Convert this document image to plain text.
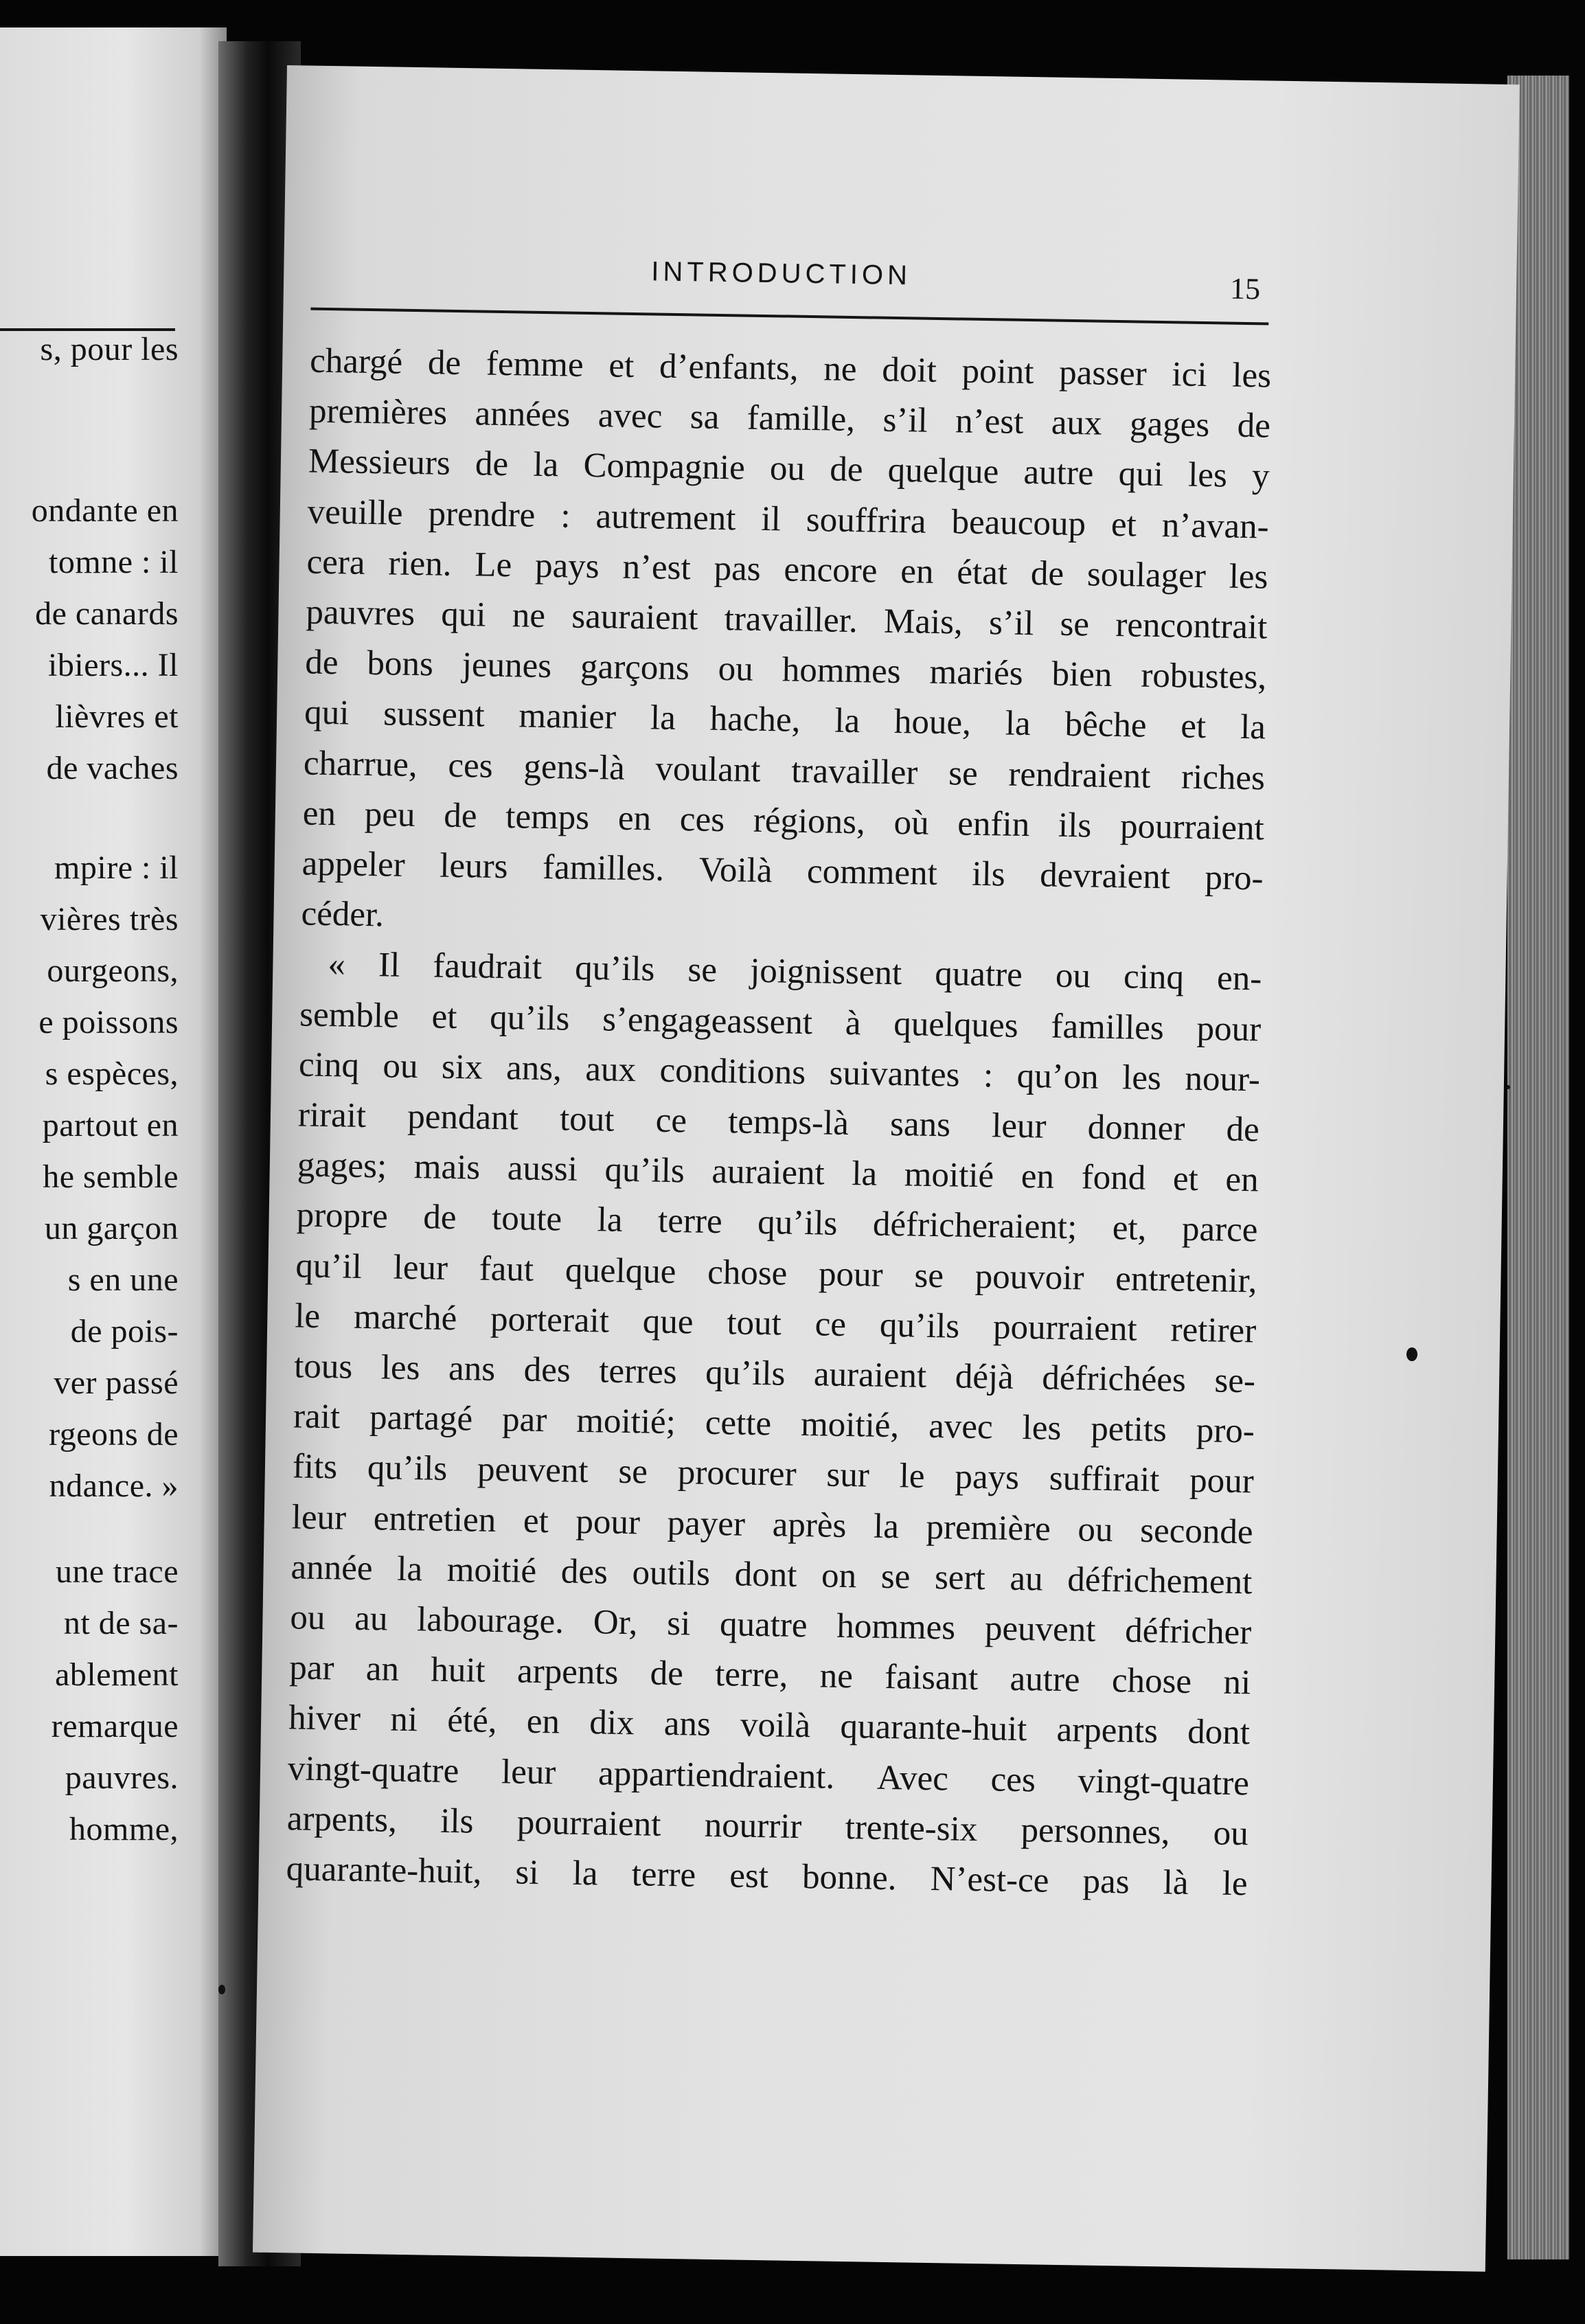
s, pour les
ondante en
tomne : il
de canards
ibiers... Il
lièvres et
de vaches
mpire : il
vières très
ourgeons,
e poissons
s espèces,
partout en
he semble
un garçon
s en une
de pois-
ver passé
rgeons de
ndance. »
une trace
nt de sa-
ablement
remarque
pauvres.
homme,
INTRODUCTION	15
chargé de femme et d’enfants, ne doit point passer ici les
premières années avec sa famille, s’il n’est aux gages de
Messieurs de la Compagnie ou de quelque autre qui les y
veuille prendre : autrement il souffrira beaucoup et n’avan-
cera rien. Le pays n’est pas encore en état de soulager les
pauvres qui ne sauraient travailler. Mais, s’il se rencontrait
de bons jeunes garçons ou hommes mariés bien robustes,
qui sussent manier la hache, la houe, la bêche et la
charrue, ces gens-là voulant travailler se rendraient riches
en peu de temps en ces régions, où enfin ils pourraient
appeler leurs familles. Voilà comment ils devraient pro-
céder.
« Il faudrait qu’ils se joignissent quatre ou cinq en-
semble et qu’ils s’engageassent à quelques familles pour
cinq ou six ans, aux conditions suivantes : qu’on les nour-
rirait pendant tout ce temps-là sans leur donner de
gages; mais aussi qu’ils auraient la moitié en fond et en
propre de toute la terre qu’ils défricheraient; et, parce
qu’il leur faut quelque chose pour se pouvoir entretenir,
le marché porterait que tout ce qu’ils pourraient retirer
tous les ans des terres qu’ils auraient déjà défrichées se-
rait partagé par moitié; cette moitié, avec les petits pro-
fits qu’ils peuvent se procurer sur le pays suffirait pour
leur entretien et pour payer après la première ou seconde
année la moitié des outils dont on se sert au défrichement
ou au labourage. Or, si quatre hommes peuvent défricher
par an huit arpents de terre, ne faisant autre chose ni
hiver ni été, en dix ans voilà quarante-huit arpents dont
vingt-quatre leur appartiendraient. Avec ces vingt-quatre
arpents, ils pourraient nourrir trente-six personnes, ou
quarante-huit, si la terre est bonne. N’est-ce pas là le
